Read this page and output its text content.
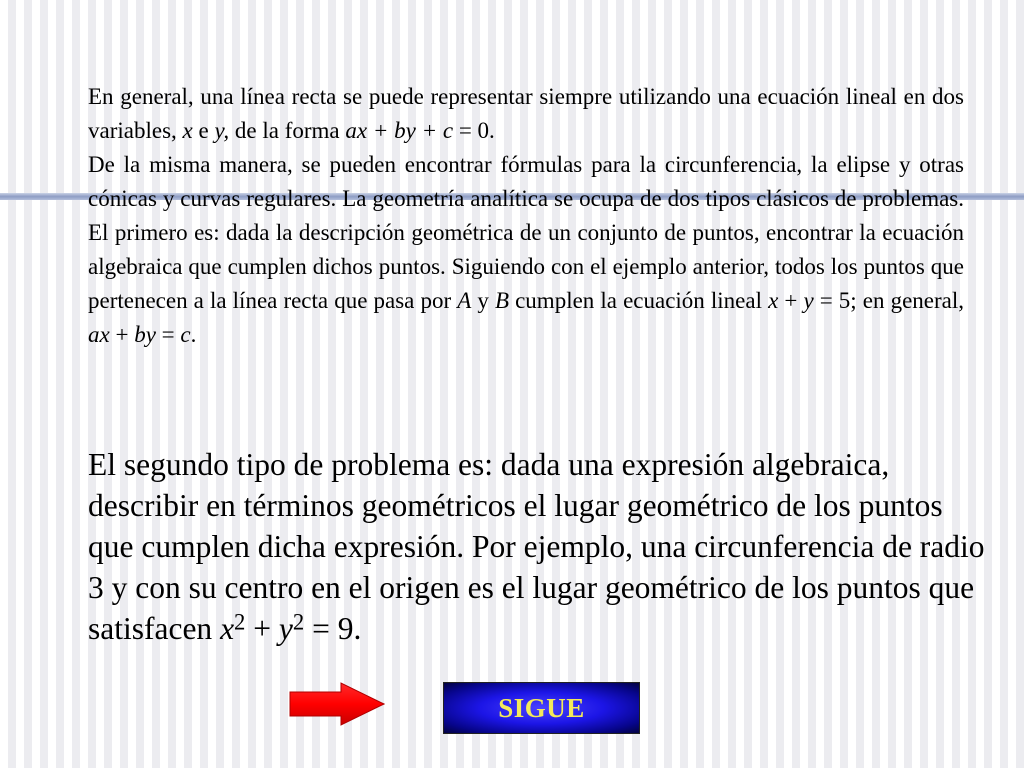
En general, una línea recta se puede representar siempre utilizando una ecuación lineal en dos variables, x e y, de la forma ax + by + c = 0.

De la misma manera, se pueden encontrar fórmulas para la circunferencia, la elipse y otras cónicas y curvas regulares. La geometría analítica se ocupa de dos tipos clásicos de problemas. El primero es: dada la descripción geométrica de un conjunto de puntos, encontrar la ecuación algebraica que cumplen dichos puntos. Siguiendo con el ejemplo anterior, todos los puntos que pertenecen a la línea recta que pasa por A y B cumplen la ecuación lineal x + y = 5; en general, ax + by = c.

El segundo tipo de problema es: dada una expresión algebraica, describir en términos geométricos el lugar geométrico de los puntos que cumplen dicha expresión. Por ejemplo, una circunferencia de radio 3 y con su centro en el origen es el lugar geométrico de los puntos que satisfacen $x^2 + y^2 = 9$.

SIGUE
